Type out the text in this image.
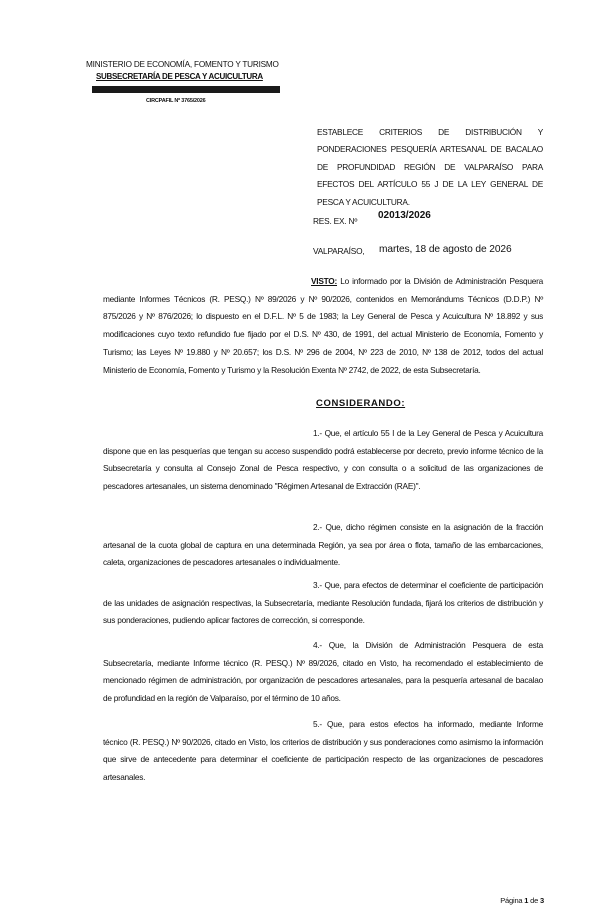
MINISTERIO DE ECONOMÍA, FOMENTO Y TURISMO
SUBSECRETARÍA DE PESCA Y ACUICULTURA
CIRCPAFIL Nº 3765/2026
ESTABLECE CRITERIOS DE DISTRIBUCIÓN Y PONDERACIONES PESQUERÍA ARTESANAL DE BACALAO DE PROFUNDIDAD REGIÓN DE VALPARAÍSO PARA EFECTOS DEL ARTÍCULO 55 J DE LA LEY GENERAL DE PESCA Y ACUICULTURA.
RES. EX. Nº 02013/2026
VALPARAÍSO, martes, 18 de agosto de 2026

VISTO: Lo informado por la División de Administración Pesquera mediante Informes Técnicos (R. PESQ.) Nº 89/2026 y Nº 90/2026, contenidos en Memorándums Técnicos (D.D.P.) Nº 875/2026 y Nº 876/2026; lo dispuesto en el D.F.L. Nº 5 de 1983; la Ley General de Pesca y Acuicultura Nº 18.892 y sus modificaciones cuyo texto refundido fue fijado por el D.S. Nº 430, de 1991, del actual Ministerio de Economía, Fomento y Turismo; las Leyes Nº 19.880 y Nº 20.657; los D.S. Nº 296 de 2004, Nº 223 de 2010, Nº 138 de 2012, todos del actual Ministerio de Economía, Fomento y Turismo y la Resolución Exenta Nº 2742, de 2022, de esta Subsecretaría.

CONSIDERANDO:

1.- Que, el artículo 55 I de la Ley General de Pesca y Acuicultura dispone que en las pesquerías que tengan su acceso suspendido podrá establecerse por decreto, previo informe técnico de la Subsecretaría y consulta al Consejo Zonal de Pesca respectivo, y con consulta o a solicitud de las organizaciones de pescadores artesanales, un sistema denominado "Régimen Artesanal de Extracción (RAE)".

2.- Que, dicho régimen consiste en la asignación de la fracción artesanal de la cuota global de captura en una determinada Región, ya sea por área o flota, tamaño de las embarcaciones, caleta, organizaciones de pescadores artesanales o individualmente.

3.- Que, para efectos de determinar el coeficiente de participación de las unidades de asignación respectivas, la Subsecretaría, mediante Resolución fundada, fijará los criterios de distribución y sus ponderaciones, pudiendo aplicar factores de corrección, si corresponde.

4.- Que, la División de Administración Pesquera de esta Subsecretaría, mediante Informe técnico (R. PESQ.) Nº 89/2026, citado en Visto, ha recomendado el establecimiento de mencionado régimen de administración, por organización de pescadores artesanales, para la pesquería artesanal de bacalao de profundidad en la región de Valparaíso, por el término de 10 años.

5.- Que, para estos efectos ha informado, mediante Informe técnico (R. PESQ.) Nº 90/2026, citado en Visto, los criterios de distribución y sus ponderaciones como asimismo la información que sirve de antecedente para determinar el coeficiente de participación respecto de las organizaciones de pescadores artesanales.

Página 1 de 3
